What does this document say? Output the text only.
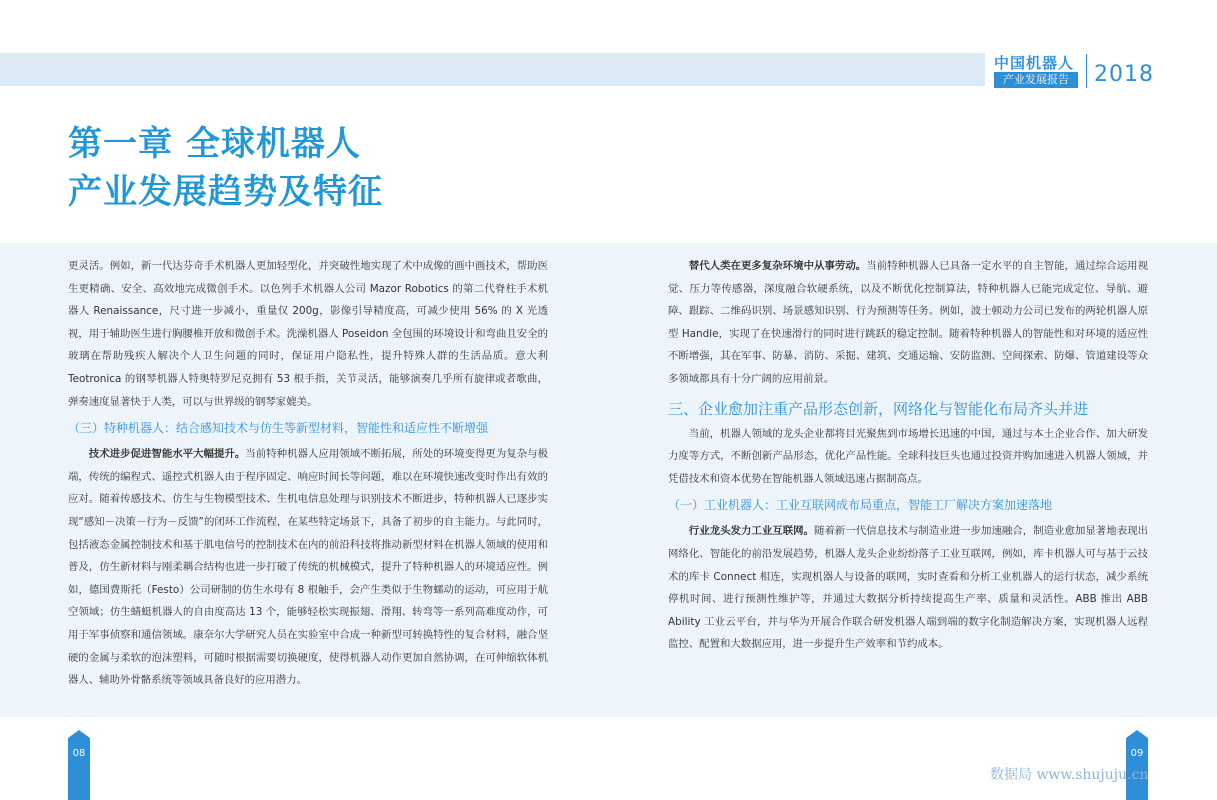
中国机器人
产业发展报告	2018
第一章 全球机器人
产业发展趋势及特征

更灵活。例如，新一代达芬奇手术机器人更加轻型化，并突破性地实现了术中成像的画中画技术，帮助医生更精确、安全、高效地完成微创手术。以色列手术机器人公司 Mazor Robotics 的第二代脊柱手术机器人 Renaissance，尺寸进一步减小，重量仅 200g，影像引导精度高，可减少使用 56% 的 X 光透视，用于辅助医生进行胸腰椎开放和微创手术。洗澡机器人 Poseidon 全包围的环境设计和弯曲且安全的玻璃在帮助残疾人解决个人卫生问题的同时，保证用户隐私性，提升特殊人群的生活品质。意大利 Teotronica 的钢琴机器人特奥特罗尼克拥有 53 根手指，关节灵活，能够演奏几乎所有旋律或者歌曲，弹奏速度显著快于人类，可以与世界级的钢琴家媲美。

（三）特种机器人：结合感知技术与仿生等新型材料，智能性和适应性不断增强

技术进步促进智能水平大幅提升。当前特种机器人应用领域不断拓展，所处的环境变得更为复杂与极端，传统的编程式、遥控式机器人由于程序固定、响应时间长等问题，难以在环境快速改变时作出有效的应对。随着传感技术、仿生与生物模型技术、生机电信息处理与识别技术不断进步，特种机器人已逐步实现“感知－决策－行为－反馈”的闭环工作流程，在某些特定场景下，具备了初步的自主能力。与此同时，包括液态金属控制技术和基于肌电信号的控制技术在内的前沿科技将推动新型材料在机器人领域的使用和普及，仿生新材料与刚柔耦合结构也进一步打破了传统的机械模式，提升了特种机器人的环境适应性。例如，德国费斯托（Festo）公司研制的仿生水母有 8 根触手，会产生类似于生物蠕动的运动，可应用于航空领域；仿生蜻蜓机器人的自由度高达 13 个，能够轻松实现振翅、滑翔、转弯等一系列高难度动作，可用于军事侦察和通信领域。康奈尔大学研究人员在实验室中合成一种新型可转换特性的复合材料，融合坚硬的金属与柔软的泡沫塑料，可随时根据需要切换硬度，使得机器人动作更加自然协调，在可伸缩软体机器人、辅助外骨骼系统等领域具备良好的应用潜力。

替代人类在更多复杂环境中从事劳动。当前特种机器人已具备一定水平的自主智能，通过综合运用视觉、压力等传感器，深度融合软硬系统，以及不断优化控制算法，特种机器人已能完成定位、导航、避障、跟踪、二维码识别、场景感知识别、行为预测等任务。例如，波士顿动力公司已发布的两轮机器人原型 Handle，实现了在快速滑行的同时进行跳跃的稳定控制。随着特种机器人的智能性和对环境的适应性不断增强，其在军事、防暴、消防、采掘、建筑、交通运输、安防监测、空间探索、防爆、管道建设等众多领域都具有十分广阔的应用前景。

三、企业愈加注重产品形态创新，网络化与智能化布局齐头并进

当前，机器人领域的龙头企业都将目光聚焦到市场增长迅速的中国，通过与本土企业合作、加大研发力度等方式，不断创新产品形态，优化产品性能。全球科技巨头也通过投资并购加速进入机器人领域，并凭借技术和资本优势在智能机器人领域迅速占据制高点。

（一）工业机器人：工业互联网成布局重点，智能工厂解决方案加速落地

行业龙头发力工业互联网。随着新一代信息技术与制造业进一步加速融合，制造业愈加显著地表现出网络化、智能化的前沿发展趋势，机器人龙头企业纷纷落子工业互联网，例如，库卡机器人可与基于云技术的库卡 Connect 相连，实现机器人与设备的联网，实时查看和分析工业机器人的运行状态，减少系统停机时间、进行预测性维护等，并通过大数据分析持续提高生产率、质量和灵活性。ABB 推出 ABB Ability 工业云平台，并与华为开展合作联合研发机器人端到端的数字化制造解决方案，实现机器人远程监控、配置和大数据应用，进一步提升生产效率和节约成本。

08	09
数据局 www.shujuju.cn
